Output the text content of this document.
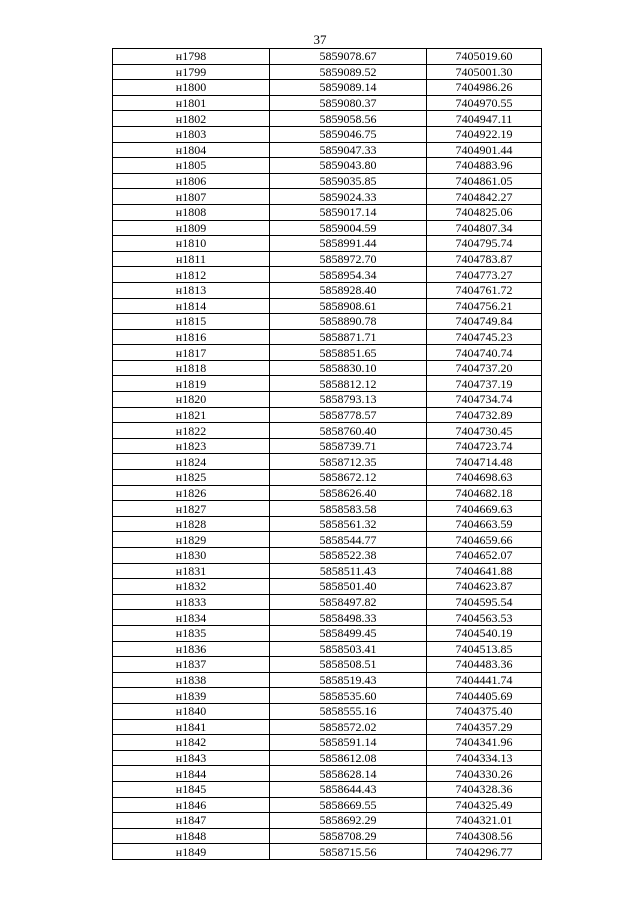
37
н1798	5859078.67	7405019.60
н1799	5859089.52	7405001.30
н1800	5859089.14	7404986.26
н1801	5859080.37	7404970.55
н1802	5859058.56	7404947.11
н1803	5859046.75	7404922.19
н1804	5859047.33	7404901.44
н1805	5859043.80	7404883.96
н1806	5859035.85	7404861.05
н1807	5859024.33	7404842.27
н1808	5859017.14	7404825.06
н1809	5859004.59	7404807.34
н1810	5858991.44	7404795.74
н1811	5858972.70	7404783.87
н1812	5858954.34	7404773.27
н1813	5858928.40	7404761.72
н1814	5858908.61	7404756.21
н1815	5858890.78	7404749.84
н1816	5858871.71	7404745.23
н1817	5858851.65	7404740.74
н1818	5858830.10	7404737.20
н1819	5858812.12	7404737.19
н1820	5858793.13	7404734.74
н1821	5858778.57	7404732.89
н1822	5858760.40	7404730.45
н1823	5858739.71	7404723.74
н1824	5858712.35	7404714.48
н1825	5858672.12	7404698.63
н1826	5858626.40	7404682.18
н1827	5858583.58	7404669.63
н1828	5858561.32	7404663.59
н1829	5858544.77	7404659.66
н1830	5858522.38	7404652.07
н1831	5858511.43	7404641.88
н1832	5858501.40	7404623.87
н1833	5858497.82	7404595.54
н1834	5858498.33	7404563.53
н1835	5858499.45	7404540.19
н1836	5858503.41	7404513.85
н1837	5858508.51	7404483.36
н1838	5858519.43	7404441.74
н1839	5858535.60	7404405.69
н1840	5858555.16	7404375.40
н1841	5858572.02	7404357.29
н1842	5858591.14	7404341.96
н1843	5858612.08	7404334.13
н1844	5858628.14	7404330.26
н1845	5858644.43	7404328.36
н1846	5858669.55	7404325.49
н1847	5858692.29	7404321.01
н1848	5858708.29	7404308.56
н1849	5858715.56	7404296.77
